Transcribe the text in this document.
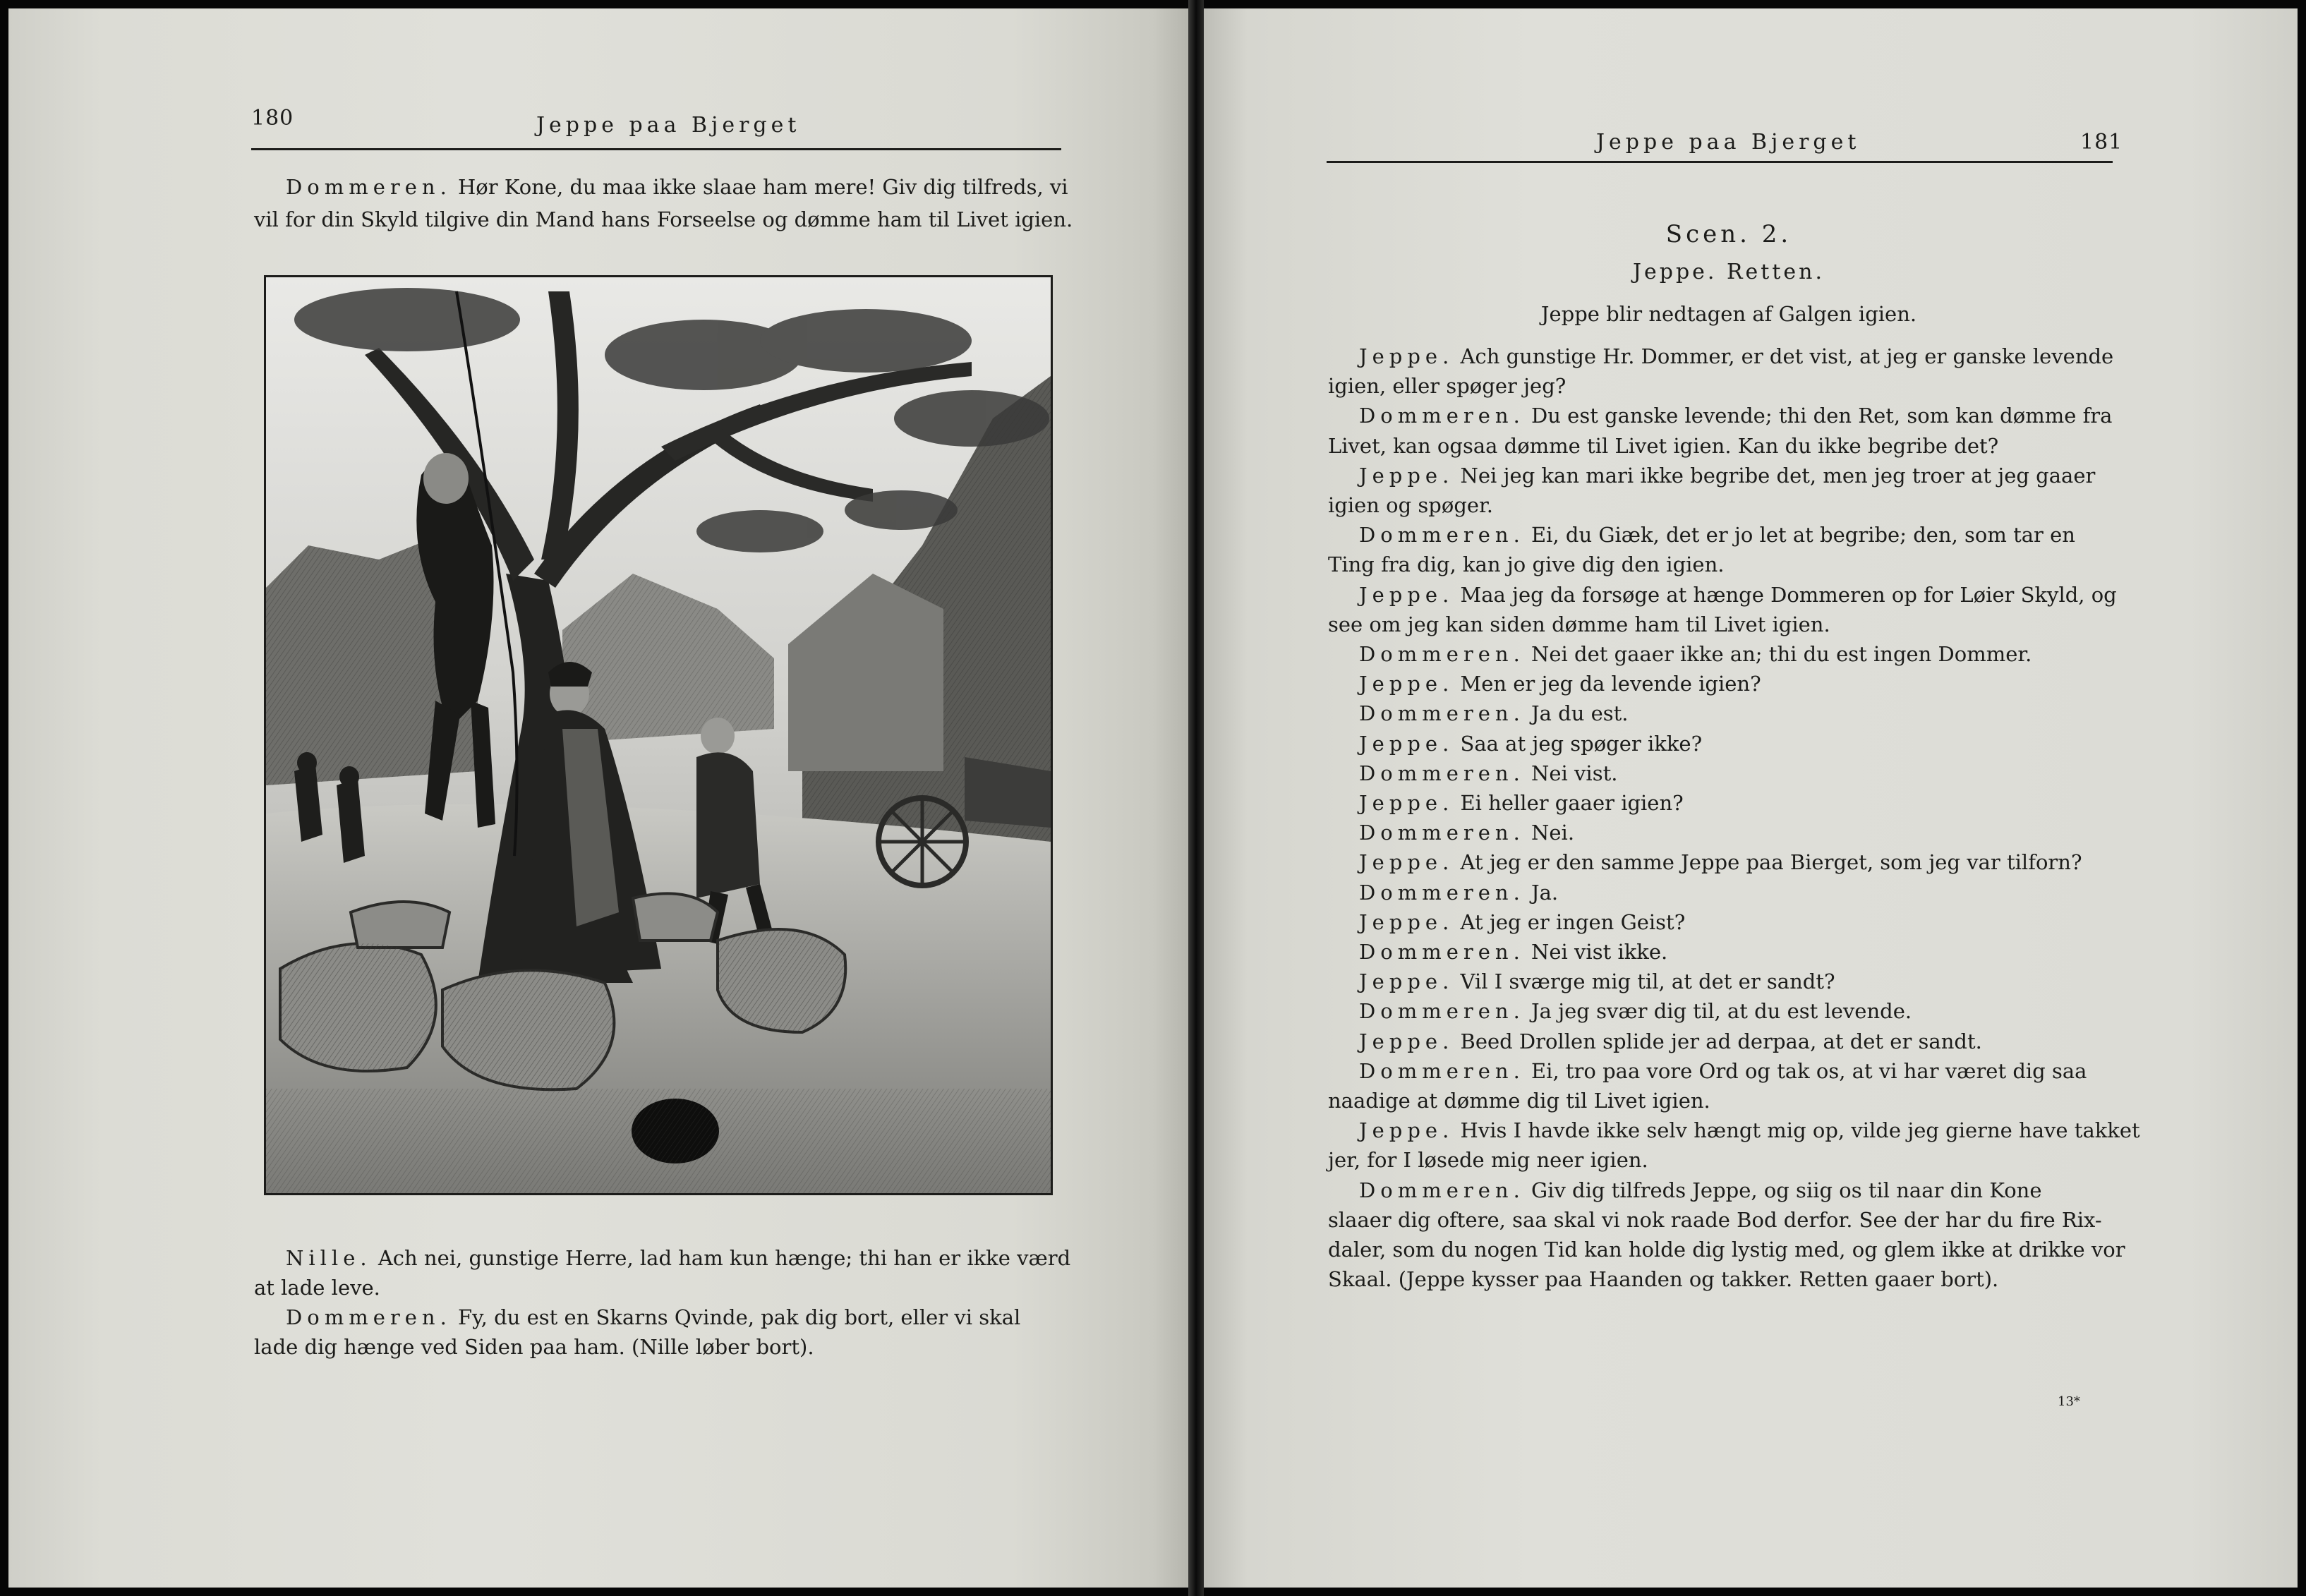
180	Jeppe paa Bjerget
Dommeren. Hør Kone, du maa ikke slaae ham mere! Giv dig tilfreds, vi
vil for din Skyld tilgive din Mand hans Forseelse og dømme ham til Livet igien.
Nille. Ach nei, gunstige Herre, lad ham kun hænge; thi han er ikke værd
at lade leve.
Dommeren. Fy, du est en Skarns Qvinde, pak dig bort, eller vi skal
lade dig hænge ved Siden paa ham. (Nille løber bort).
Jeppe paa Bjerget	181
Scen. 2.
Jeppe. Retten.
Jeppe blir nedtagen af Galgen igien.
Jeppe. Ach gunstige Hr. Dommer, er det vist, at jeg er ganske levende
igien, eller spøger jeg?
Dommeren. Du est ganske levende; thi den Ret, som kan dømme fra
Livet, kan ogsaa dømme til Livet igien. Kan du ikke begribe det?
Jeppe. Nei jeg kan mari ikke begribe det, men jeg troer at jeg gaaer
igien og spøger.
Dommeren. Ei, du Giæk, det er jo let at begribe; den, som tar en
Ting fra dig, kan jo give dig den igien.
Jeppe. Maa jeg da forsøge at hænge Dommeren op for Løier Skyld, og
see om jeg kan siden dømme ham til Livet igien.
Dommeren. Nei det gaaer ikke an; thi du est ingen Dommer.
Jeppe. Men er jeg da levende igien?
Dommeren. Ja du est.
Jeppe. Saa at jeg spøger ikke?
Dommeren. Nei vist.
Jeppe. Ei heller gaaer igien?
Dommeren. Nei.
Jeppe. At jeg er den samme Jeppe paa Bierget, som jeg var tilforn?
Dommeren. Ja.
Jeppe. At jeg er ingen Geist?
Dommeren. Nei vist ikke.
Jeppe. Vil I sværge mig til, at det er sandt?
Dommeren. Ja jeg svær dig til, at du est levende.
Jeppe. Beed Drollen splide jer ad derpaa, at det er sandt.
Dommeren. Ei, tro paa vore Ord og tak os, at vi har været dig saa
naadige at dømme dig til Livet igien.
Jeppe. Hvis I havde ikke selv hængt mig op, vilde jeg gierne have takket
jer, for I løsede mig neer igien.
Dommeren. Giv dig tilfreds Jeppe, og siig os til naar din Kone
slaaer dig oftere, saa skal vi nok raade Bod derfor. See der har du fire Rix-
daler, som du nogen Tid kan holde dig lystig med, og glem ikke at drikke vor
Skaal. (Jeppe kysser paa Haanden og takker. Retten gaaer bort).
13*
